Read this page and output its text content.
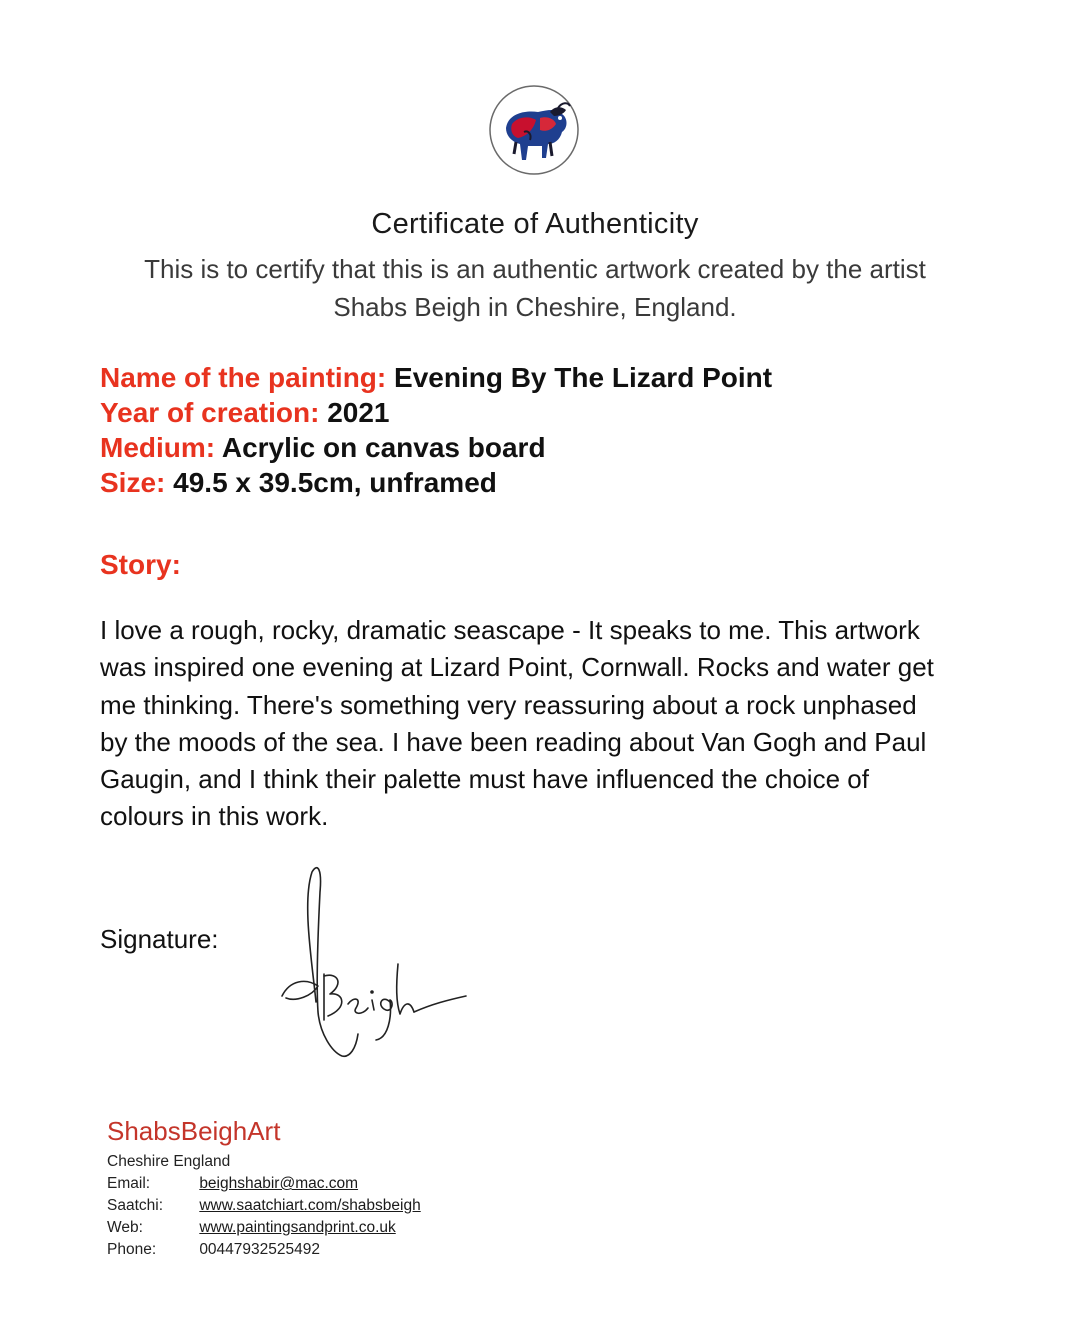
Certificate of Authenticity
This is to certify that this is an authentic artwork created by the artist
Shabs Beigh in Cheshire, England.
Name of the painting: Evening By The Lizard Point
Year of creation: 2021
Medium: Acrylic on canvas board
Size: 49.5 x 39.5cm, unframed
Story:
I love a rough, rocky, dramatic seascape - It speaks to me. This artwork
was inspired one evening at Lizard Point, Cornwall. Rocks and water get
me thinking. There's something very reassuring about a rock unphased
by the moods of the sea. I have been reading about Van Gogh and Paul
Gaugin, and I think their palette must have influenced the choice of
colours in this work.
Signature:
ShabsBeighArt
Cheshire England
Email:	beighshabir@mac.com
Saatchi: www.saatchiart.com/shabsbeigh
Web:	www.paintingsandprint.co.uk
Phone:	00447932525492
